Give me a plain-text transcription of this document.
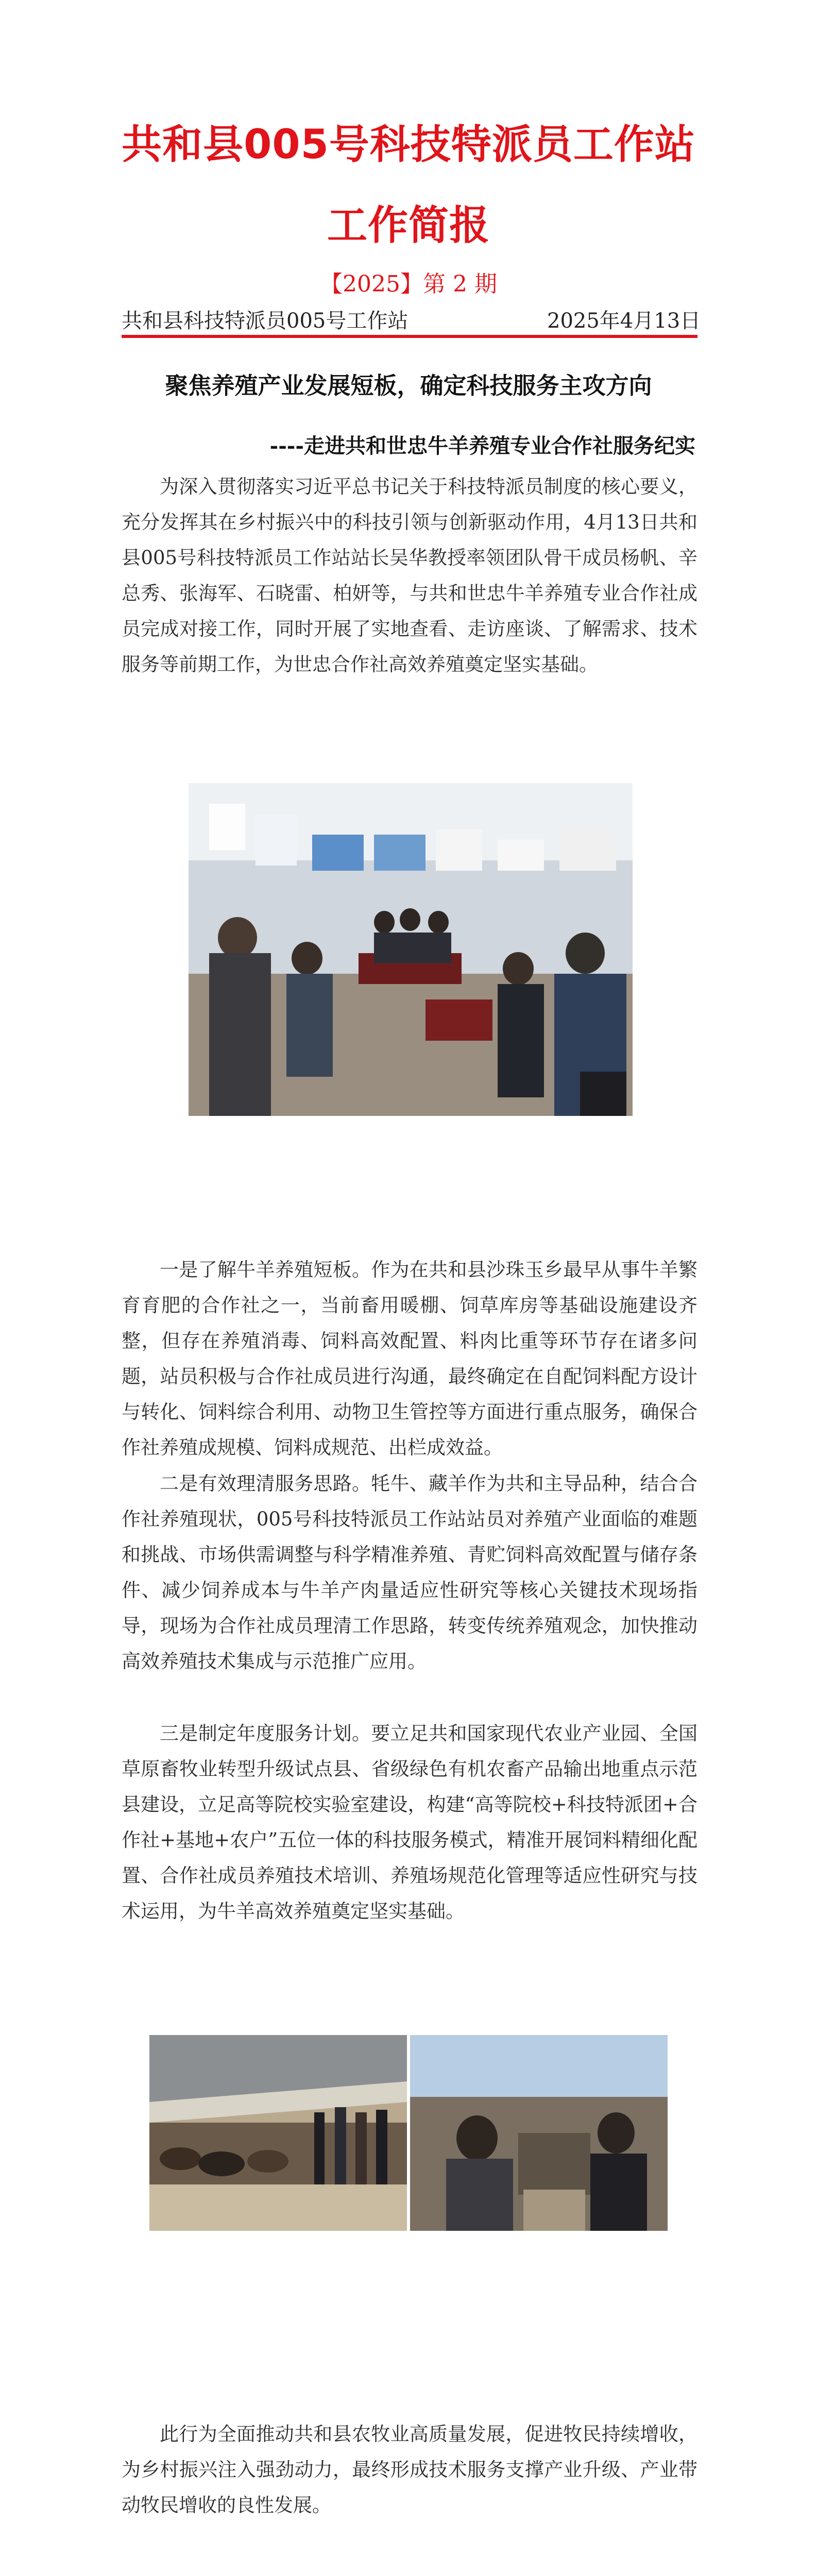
共和县005号科技特派员工作站
工作简报
【2025】第 2 期
共和县科技特派员005号工作站	2025年4月13日
聚焦养殖产业发展短板，确定科技服务主攻方向
----走进共和世忠牛羊养殖专业合作社服务纪实

为深入贯彻落实习近平总书记关于科技特派员制度的核心要义，充分发挥其在乡村振兴中的科技引领与创新驱动作用，4月13日共和县005号科技特派员工作站站长吴华教授率领团队骨干成员杨帆、辛总秀、张海军、石晓雷、柏妍等，与共和世忠牛羊养殖专业合作社成员完成对接工作，同时开展了实地查看、走访座谈、了解需求、技术服务等前期工作，为世忠合作社高效养殖奠定坚实基础。

一是了解牛羊养殖短板。作为在共和县沙珠玉乡最早从事牛羊繁育育肥的合作社之一，当前畜用暖棚、饲草库房等基础设施建设齐整，但存在养殖消毒、饲料高效配置、料肉比重等环节存在诸多问题，站员积极与合作社成员进行沟通，最终确定在自配饲料配方设计与转化、饲料综合利用、动物卫生管控等方面进行重点服务，确保合作社养殖成规模、饲料成规范、出栏成效益。

二是有效理清服务思路。牦牛、藏羊作为共和主导品种，结合合作社养殖现状，005号科技特派员工作站站员对养殖产业面临的难题和挑战、市场供需调整与科学精准养殖、青贮饲料高效配置与储存条件、减少饲养成本与牛羊产肉量适应性研究等核心关键技术现场指导，现场为合作社成员理清工作思路，转变传统养殖观念，加快推动高效养殖技术集成与示范推广应用。

三是制定年度服务计划。要立足共和国家现代农业产业园、全国草原畜牧业转型升级试点县、省级绿色有机农畜产品输出地重点示范县建设，立足高等院校实验室建设，构建“高等院校+科技特派团+合作社+基地+农户”五位一体的科技服务模式，精准开展饲料精细化配置、合作社成员养殖技术培训、养殖场规范化管理等适应性研究与技术运用，为牛羊高效养殖奠定坚实基础。

此行为全面推动共和县农牧业高质量发展，促进牧民持续增收，为乡村振兴注入强劲动力，最终形成技术服务支撑产业升级、产业带动牧民增收的良性发展。
